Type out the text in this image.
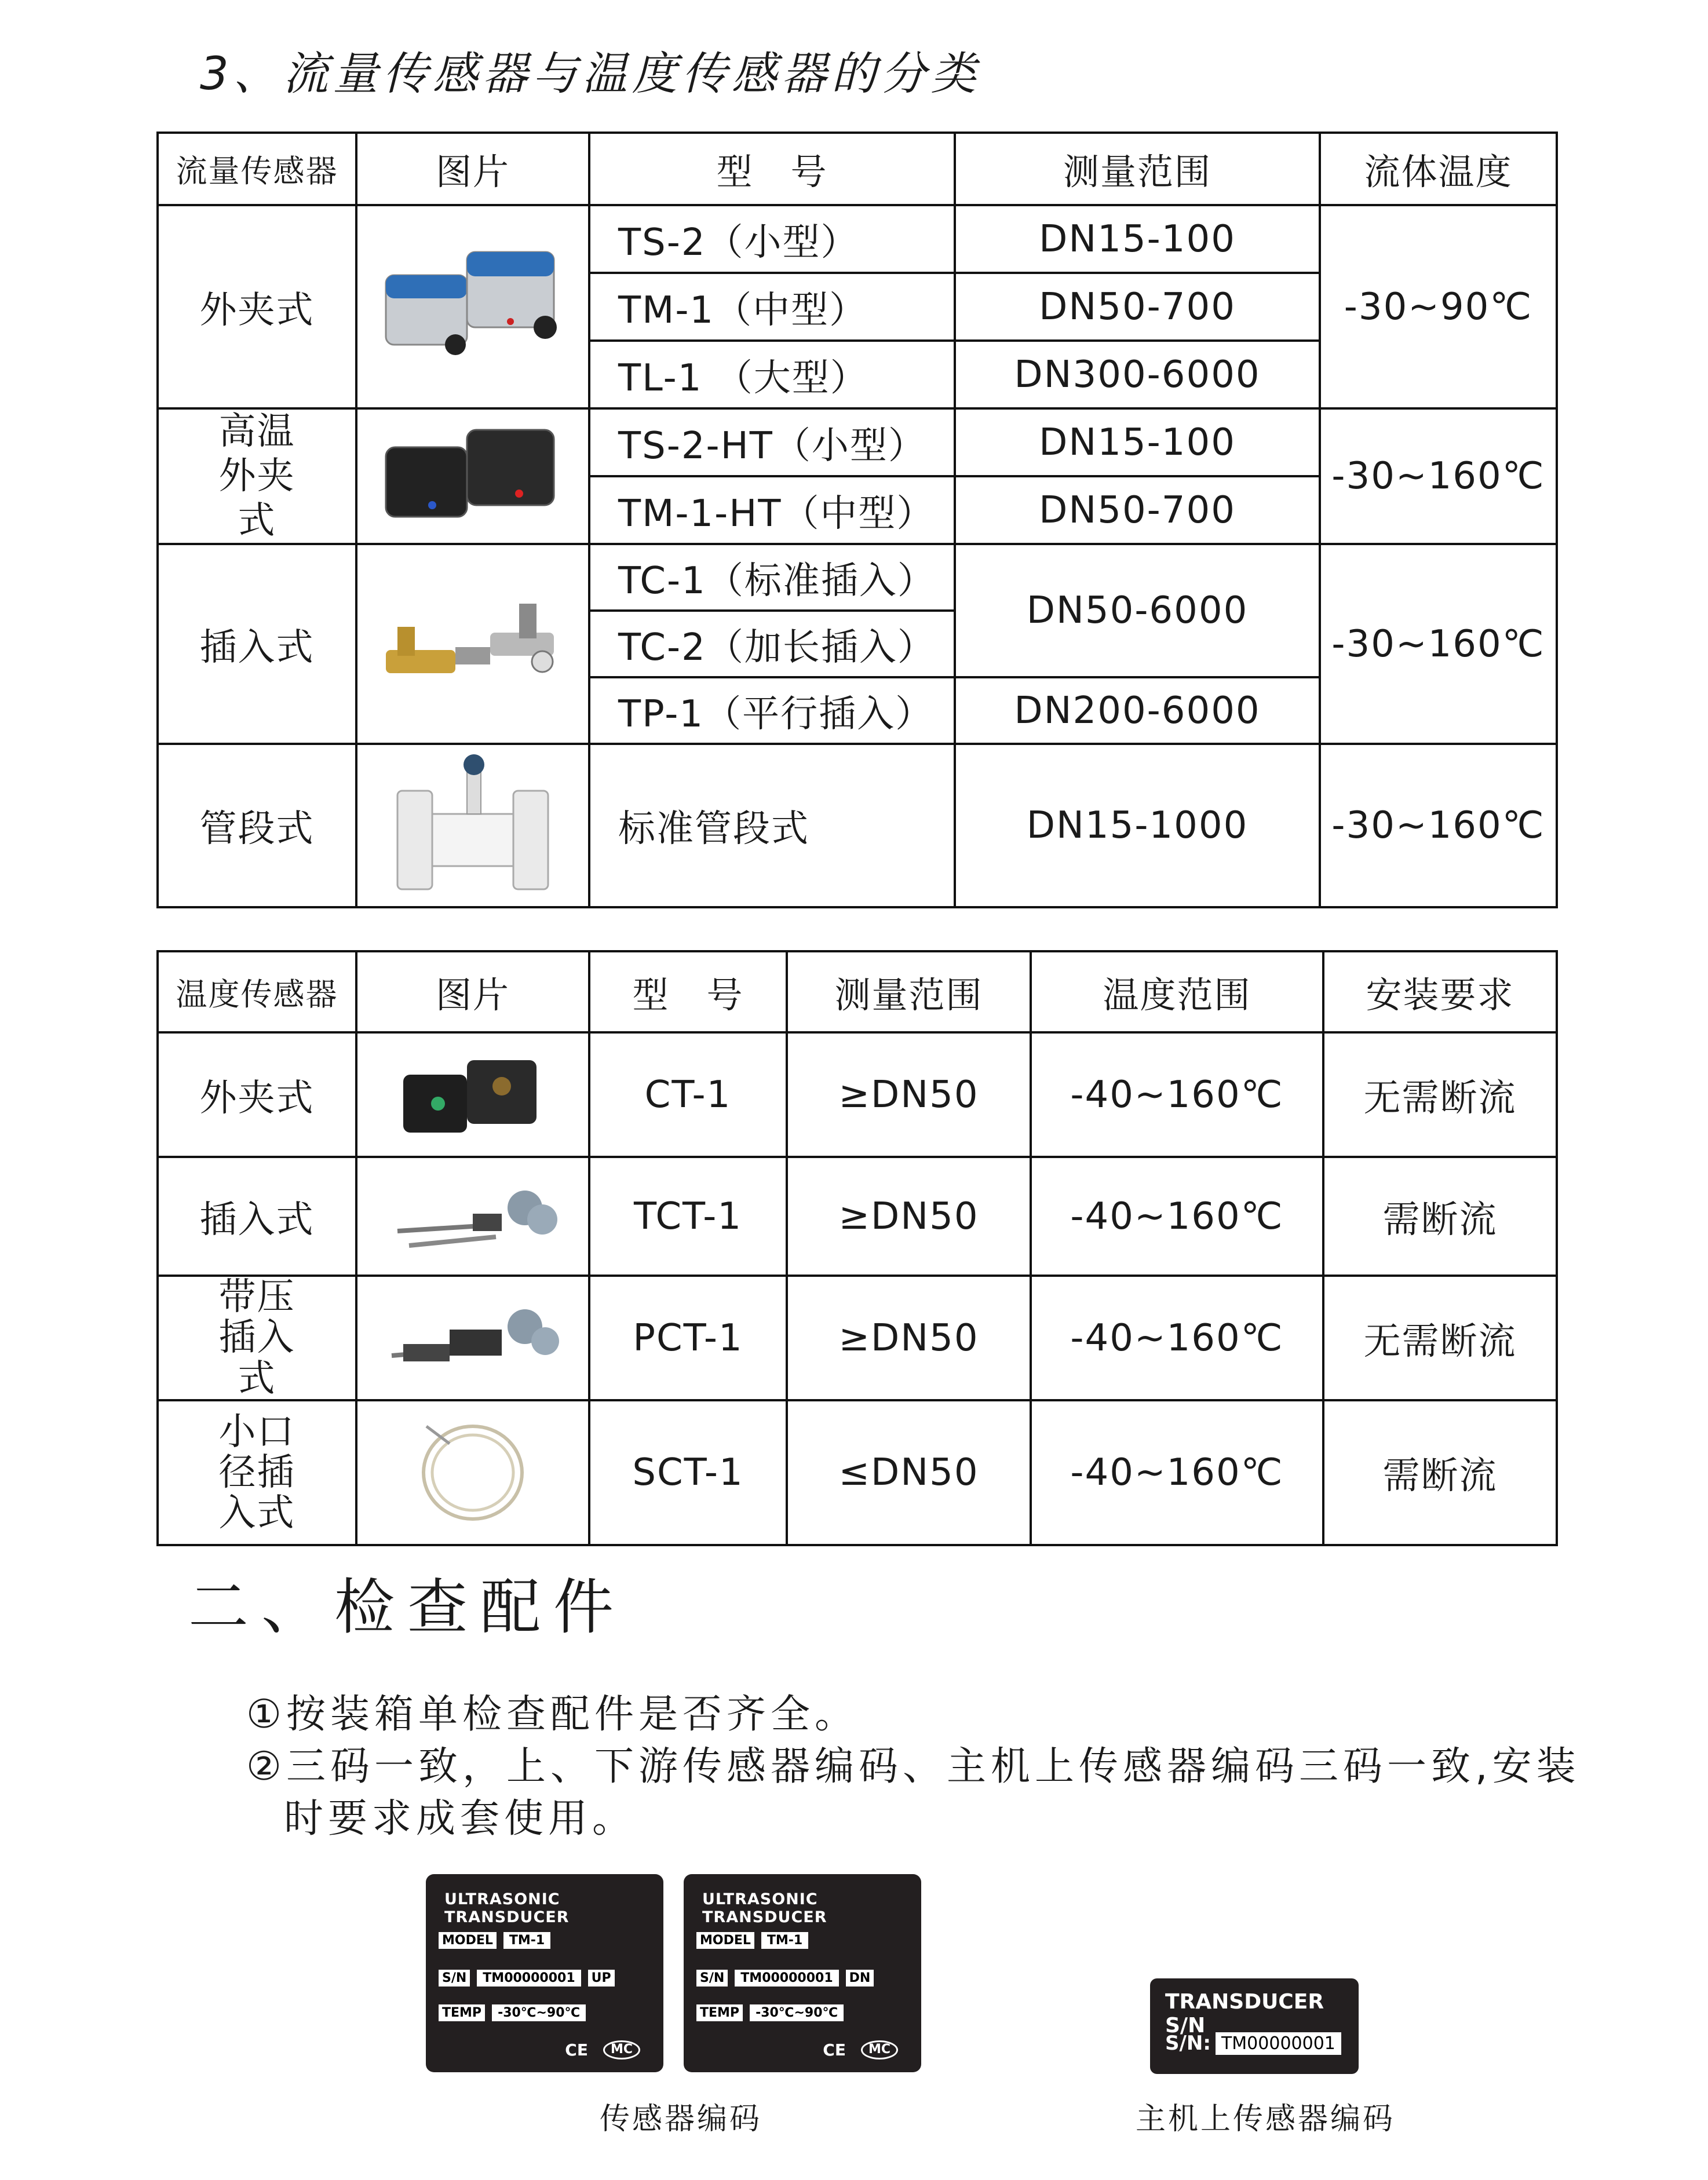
3、流量传感器与温度传感器的分类
流量传感器	图片	型　号	测量范围	流体温度
外夹式		TS-2（小型）	DN15-100	-30~90℃
		TM-1（中型）	DN50-700	
		TL-1 （大型）	DN300-6000	
高温外夹式		TS-2-HT（小型）	DN15-100	-30~160℃
		TM-1-HT（中型）	DN50-700	
插入式		TC-1（标准插入）	DN50-6000	-30~160℃
		TC-2（加长插入）		
		TP-1（平行插入）	DN200-6000	
管段式		标准管段式	DN15-1000	-30~160℃
温度传感器	图片	型　号	测量范围	温度范围	安装要求
外夹式		CT-1	≥DN50	-40~160℃	无需断流
插入式		TCT-1	≥DN50	-40~160℃	需断流
带压插入式		PCT-1	≥DN50	-40~160℃	无需断流
小口径插入式		SCT-1	≤DN50	-40~160℃	需断流
二、检查配件
①按装箱单检查配件是否齐全。
②三码一致，上、下游传感器编码、主机上传感器编码三码一致,安装
时要求成套使用。
ULTRASONIC TRANSDUCER
MODEL	TM-1
S/N	TM00000001	UP
TEMP	-30℃~90℃
CE	MC
ULTRASONIC TRANSDUCER
MODEL	TM-1
S/N	TM00000001	DN
TEMP	-30℃~90℃
CE	MC
TRANSDUCER S/N
S/N: TM00000001
传感器编码	主机上传感器编码
